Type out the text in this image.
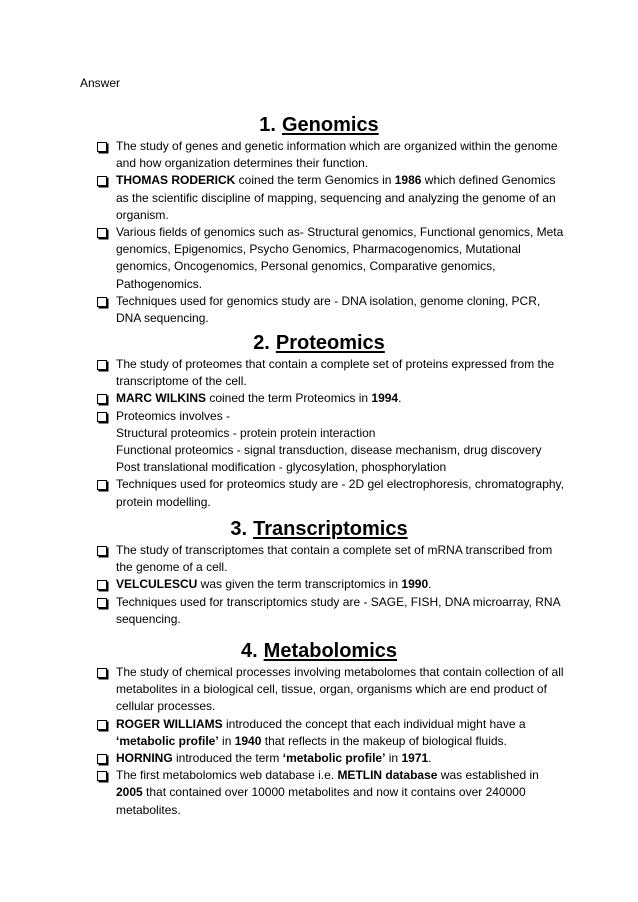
Answer
1. Genomics
The study of genes and genetic information which are organized within the genome and how organization determines their function.
THOMAS RODERICK coined the term Genomics in 1986 which defined Genomics as the scientific discipline of mapping, sequencing and analyzing the genome of an organism.
Various fields of genomics such as- Structural genomics, Functional genomics, Meta genomics, Epigenomics, Psycho Genomics, Pharmacogenomics, Mutational genomics, Oncogenomics, Personal genomics, Comparative genomics, Pathogenomics.
Techniques used for genomics study are - DNA isolation, genome cloning, PCR, DNA sequencing.
2. Proteomics
The study of proteomes that contain a complete set of proteins expressed from the transcriptome of the cell.
MARC WILKINS coined the term Proteomics in 1994.
Proteomics involves -
Structural proteomics - protein protein interaction
Functional proteomics - signal transduction, disease mechanism, drug discovery
Post translational modification - glycosylation, phosphorylation
Techniques used for proteomics study are - 2D gel electrophoresis, chromatography, protein modelling.
3. Transcriptomics
The study of transcriptomes that contain a complete set of mRNA transcribed from the genome of a cell.
VELCULESCU was given the term transcriptomics in 1990.
Techniques used for transcriptomics study are - SAGE, FISH, DNA microarray, RNA sequencing.
4. Metabolomics
The study of chemical processes involving metabolomes that contain collection of all metabolites in a biological cell, tissue, organ, organisms which are end product of cellular processes.
ROGER WILLIAMS introduced the concept that each individual might have a ‘metabolic profile’ in 1940 that reflects in the makeup of biological fluids.
HORNING introduced the term ‘metabolic profile’ in 1971.
The first metabolomics web database i.e. METLIN database was established in 2005 that contained over 10000 metabolites and now it contains over 240000 metabolites.
